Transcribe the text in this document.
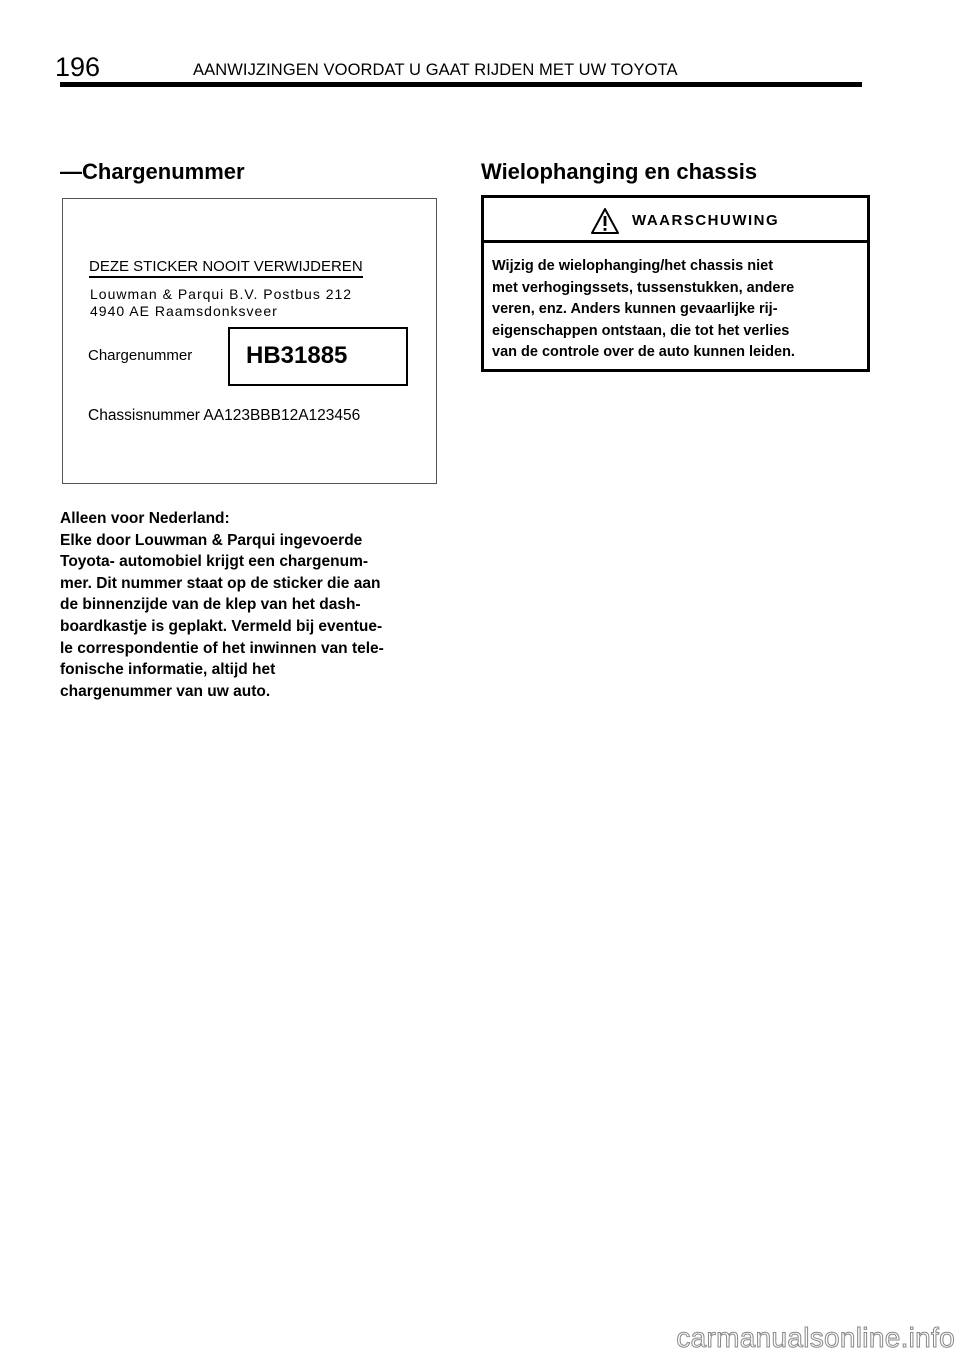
196	AANWIJZINGEN VOORDAT U GAAT RIJDEN MET UW TOYOTA
—Chargenummer
DEZE STICKER NOOIT VERWIJDEREN
Louwman & Parqui B.V. Postbus 212
4940 AE Raamsdonksveer
Chargenummer HB31885
Chassisnummer AA123BBB12A123456
Alleen voor Nederland:
Elke door Louwman & Parqui ingevoerde
Toyota- automobiel krijgt een chargenum-
mer. Dit nummer staat op de sticker die aan
de binnenzijde van de klep van het dash-
boardkastje is geplakt. Vermeld bij eventue-
le correspondentie of het inwinnen van tele-
fonische informatie, altijd het
chargenummer van uw auto.
Wielophanging en chassis
WAARSCHUWING
Wijzig de wielophanging/het chassis niet
met verhogingssets, tussenstukken, andere
veren, enz. Anders kunnen gevaarlijke rij-
eigenschappen ontstaan, die tot het verlies
van de controle over de auto kunnen leiden.
carmanualsonline.info
